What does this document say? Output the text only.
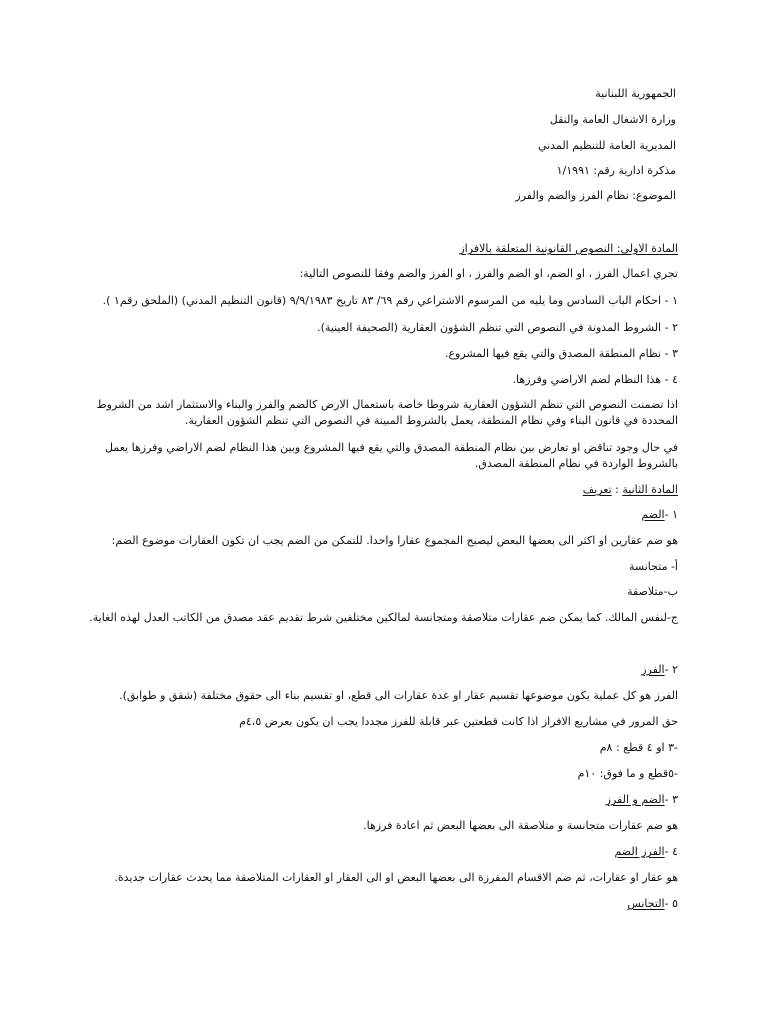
الجمهورية اللبنانية

وزارة الاشغال العامة والنقل

المديرية العامة للتنظيم المدني

مذكرة ادارية رقم: ١/١٩٩١

الموضوع: نظام الفرز والضم والفرز

المادة الاولى: النصوص القانونية المتعلقة بالافراز

تجري اعمال الفرز ، او الضم، او الضم والفرز ، او الفرز والضم وفقا للنصوص التالية:

١ - احكام الباب السادس وما يليه من المرسوم الاشتراعي رقم ٦٩/ ٨٣ تاريخ ٩/٩/١٩٨٣ (قانون التنظيم المدني) (الملحق رقم١ ).

٢ - الشروط المدونة في النصوص التي تنظم الشؤون العقارية (الصحيفة العينية).

٣ - نظام المنطقة المصدق والتي يقع فيها المشروع.

٤ - هذا النظام لضم الاراضي وفرزها.

اذا تضمنت النصوص التي تنظم الشؤون العقارية شروطا خاصة باستعمال الارض كالضم والفرز والبناء والاستثمار اشد من الشروط

المحددة في قانون البناء وفي نظام المنطقة، يعمل بالشروط المبينة في النصوص التي تنظم الشؤون العقارية.

في حال وجود تناقض او تعارض بين نظام المنطقة المصدق والتي يقع فيها المشروع وبين هذا النظام لضم الاراضي وفرزها يعمل

بالشروط الواردة في نظام المنطقة المصدق.

المادة الثانية : تعريف

١ -الضم

هو ضم عقارين او اكثر الى بعضها البعض ليصبح المجموع عقارا واحدا. للتمكن من الضم يجب ان تكون العقارات موضوع الضم:

أ- متجانسة

ب-متلاصقة

ج-لنفس المالك. كما يمكن ضم عقارات متلاصقة ومتجانسة لمالكين مختلفين شرط تقديم عقد مصدق من الكاتب العدل لهذه الغاية.

٢ -الفرز

الفرز هو كل عملية يكون موضوعها تقسيم عقار او عدة عقارات الى قطع، او تقسيم بناء الى حقوق مختلفة (شقق و طوابق).

حق المرور في مشاريع الافراز اذا كانت قطعتين عبر قابلة للفرز مجددا يجب ان يكون بعرض ٤،٥م

-٣ او ٤ قطع : ٨م

-٥قطع و ما فوق: ١٠م

٣ -الضم و الفرز

هو ضم عقارات متجانسة و متلاصقة الى بعضها البعض ثم اعادة فرزها.

٤ -الفرز الضم

هو عقار او عقارات، ثم ضم الاقسام المفرزة الى بعضها البعض او الى العقار او العقارات المتلاصقة مما يحدث عقارات جديدة.

٥ -التجانس
